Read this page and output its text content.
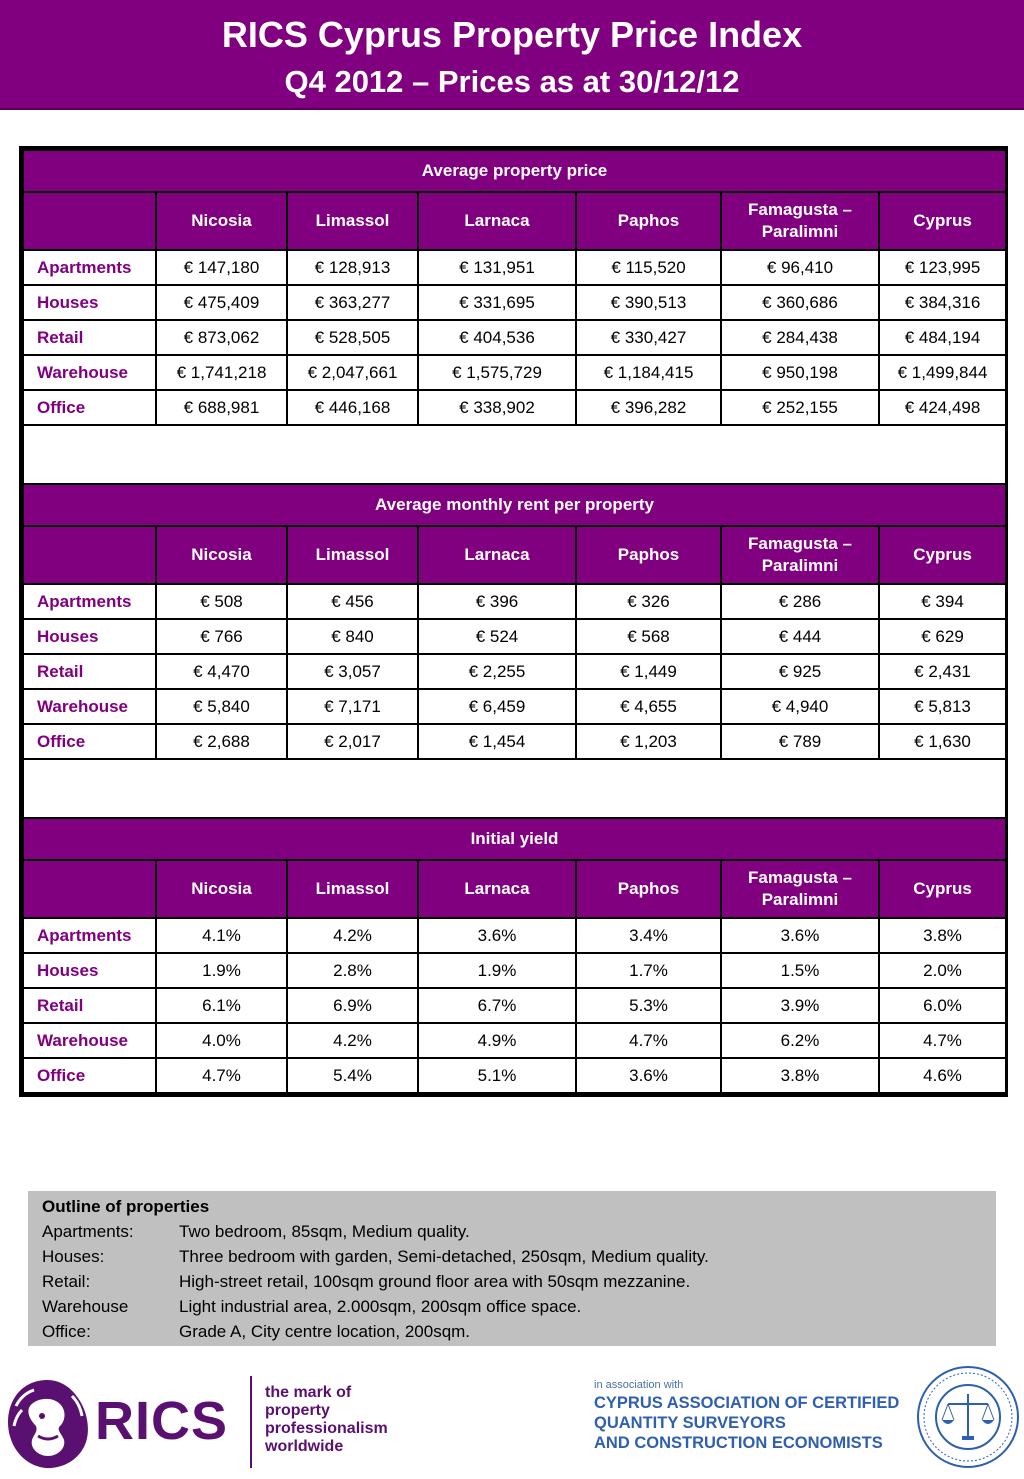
RICS Cyprus Property Price Index
Q4 2012 – Prices as at 30/12/12
Average property price						
	Nicosia	Limassol	Larnaca	Paphos	Famagusta – Paralimni	Cyprus
Apartments	€ 147,180	€ 128,913	€ 131,951	€ 115,520	€ 96,410	€ 123,995
Houses	€ 475,409	€ 363,277	€ 331,695	€ 390,513	€ 360,686	€ 384,316
Retail	€ 873,062	€ 528,505	€ 404,536	€ 330,427	€ 284,438	€ 484,194
Warehouse	€ 1,741,218	€ 2,047,661	€ 1,575,729	€ 1,184,415	€ 950,198	€ 1,499,844
Office	€ 688,981	€ 446,168	€ 338,902	€ 396,282	€ 252,155	€ 424,498

Average monthly rent per property						
	Nicosia	Limassol	Larnaca	Paphos	Famagusta – Paralimni	Cyprus
Apartments	€ 508	€ 456	€ 396	€ 326	€ 286	€ 394
Houses	€ 766	€ 840	€ 524	€ 568	€ 444	€ 629
Retail	€ 4,470	€ 3,057	€ 2,255	€ 1,449	€ 925	€ 2,431
Warehouse	€ 5,840	€ 7,171	€ 6,459	€ 4,655	€ 4,940	€ 5,813
Office	€ 2,688	€ 2,017	€ 1,454	€ 1,203	€ 789	€ 1,630

Initial yield						
	Nicosia	Limassol	Larnaca	Paphos	Famagusta – Paralimni	Cyprus
Apartments	4.1%	4.2%	3.6%	3.4%	3.6%	3.8%
Houses	1.9%	2.8%	1.9%	1.7%	1.5%	2.0%
Retail	6.1%	6.9%	6.7%	5.3%	3.9%	6.0%
Warehouse	4.0%	4.2%	4.9%	4.7%	6.2%	4.7%
Office	4.7%	5.4%	5.1%	3.6%	3.8%	4.6%
Outline of properties
Apartments:	Two bedroom, 85sqm, Medium quality.
Houses:	Three bedroom with garden, Semi-detached, 250sqm, Medium quality.
Retail:	High-street retail, 100sqm ground floor area with 50sqm mezzanine.
Warehouse	Light industrial area, 2.000sqm, 200sqm office space.
Office:	Grade A, City centre location, 200sqm.
RICS the mark of
property
professionalism
worldwide
in association with
CYPRUS ASSOCIATION OF CERTIFIED
QUANTITY SURVEYORS
AND CONSTRUCTION ECONOMISTS
